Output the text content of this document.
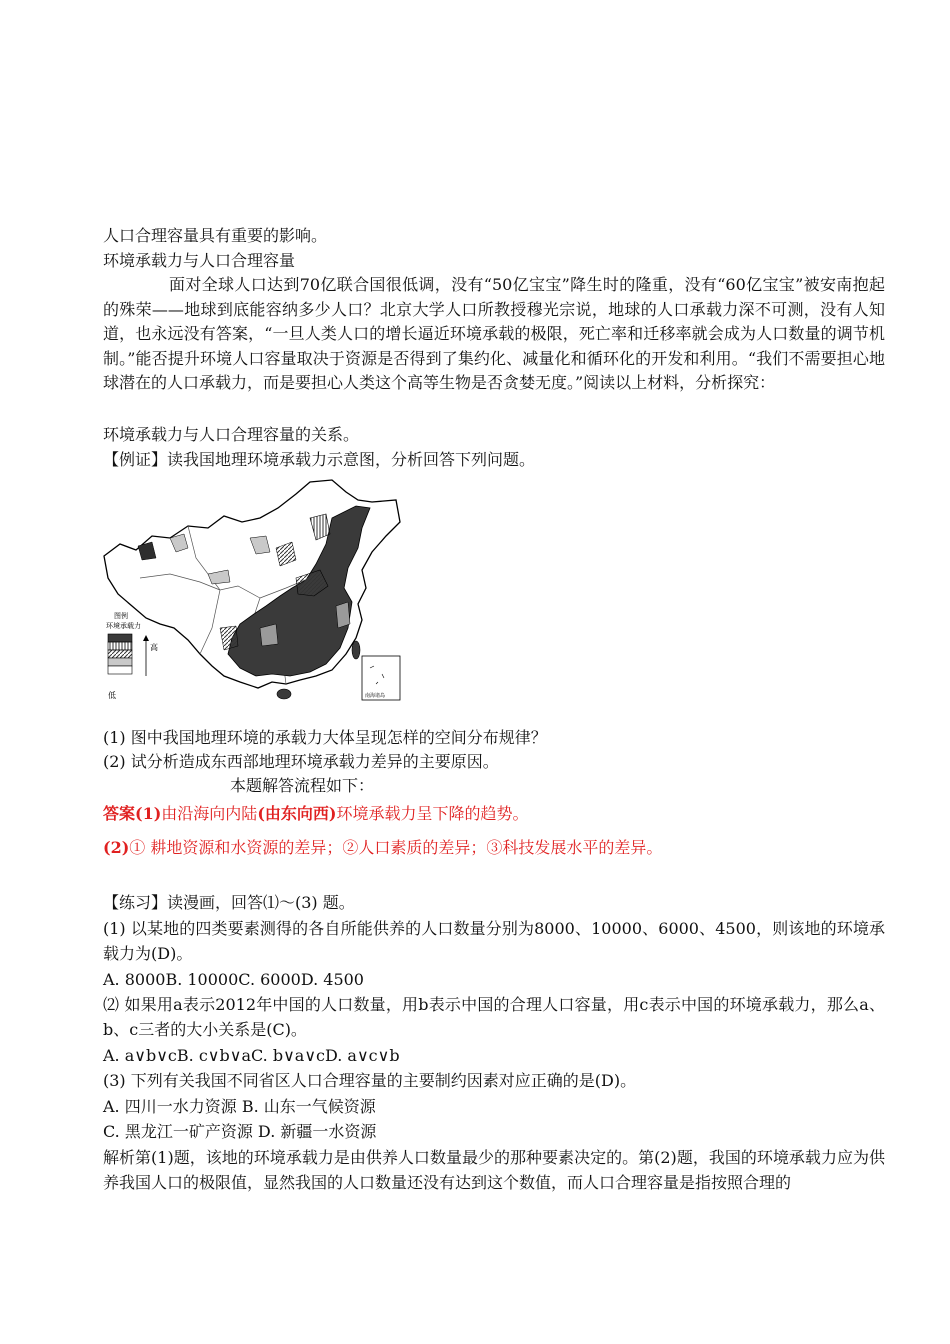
人口合理容量具有重要的影响。
环境承载力与人口合理容量
面对全球人口达到70亿联合国很低调，没有“50亿宝宝”降生时的隆重，没有“60亿宝宝”被安南抱起的殊荣——地球到底能容纳多少人口？北京大学人口所教授穆光宗说，地球的人口承载力深不可测，没有人知道，也永远没有答案，“一旦人类人口的增长逼近环境承载的极限，死亡率和迁移率就会成为人口数量的调节机制。”能否提升环境人口容量取决于资源是否得到了集约化、减量化和循环化的开发和利用。“我们不需要担心地球潜在的人口承载力，而是要担心人类这个高等生物是否贪婪无度。”阅读以上材料，分析探究：
环境承载力与人口合理容量的关系。
【例证】读我国地理环境承载力示意图，分析回答下列问题。
图例
环境承载力
高
低	南海诸岛
(1) 图中我国地理环境的承载力大体呈现怎样的空间分布规律？
(2) 试分析造成东西部地理环境承载力差异的主要原因。
本题解答流程如下：
答案(1)由沿海向内陆(由东向西)环境承载力呈下降的趋势。
(2)① 耕地资源和水资源的差异；②人口素质的差异；③科技发展水平的差异。
【练习】读漫画，回答⑴～(3) 题。
(1) 以某地的四类要素测得的各自所能供养的人口数量分别为8000、10000、6000、4500，则该地的环境承载力为(D)。
A. 8000B. 10000C. 6000D. 4500
⑵ 如果用a表示2012年中国的人口数量，用b表示中国的合理人口容量，用c表示中国的环境承载力，那么a、b、c三者的大小关系是(C)。
A. a∨b∨cB. c∨b∨aC. b∨a∨cD. a∨c∨b
(3) 下列有关我国不同省区人口合理容量的主要制约因素对应正确的是(D)。
A. 四川一水力资源 B. 山东一气候资源
C. 黑龙江一矿产资源 D. 新疆一水资源
解析第(1)题，该地的环境承载力是由供养人口数量最少的那种要素决定的。第(2)题，我国的环境承载力应为供养我国人口的极限值，显然我国的人口数量还没有达到这个数值，而人口合理容量是指按照合理的
